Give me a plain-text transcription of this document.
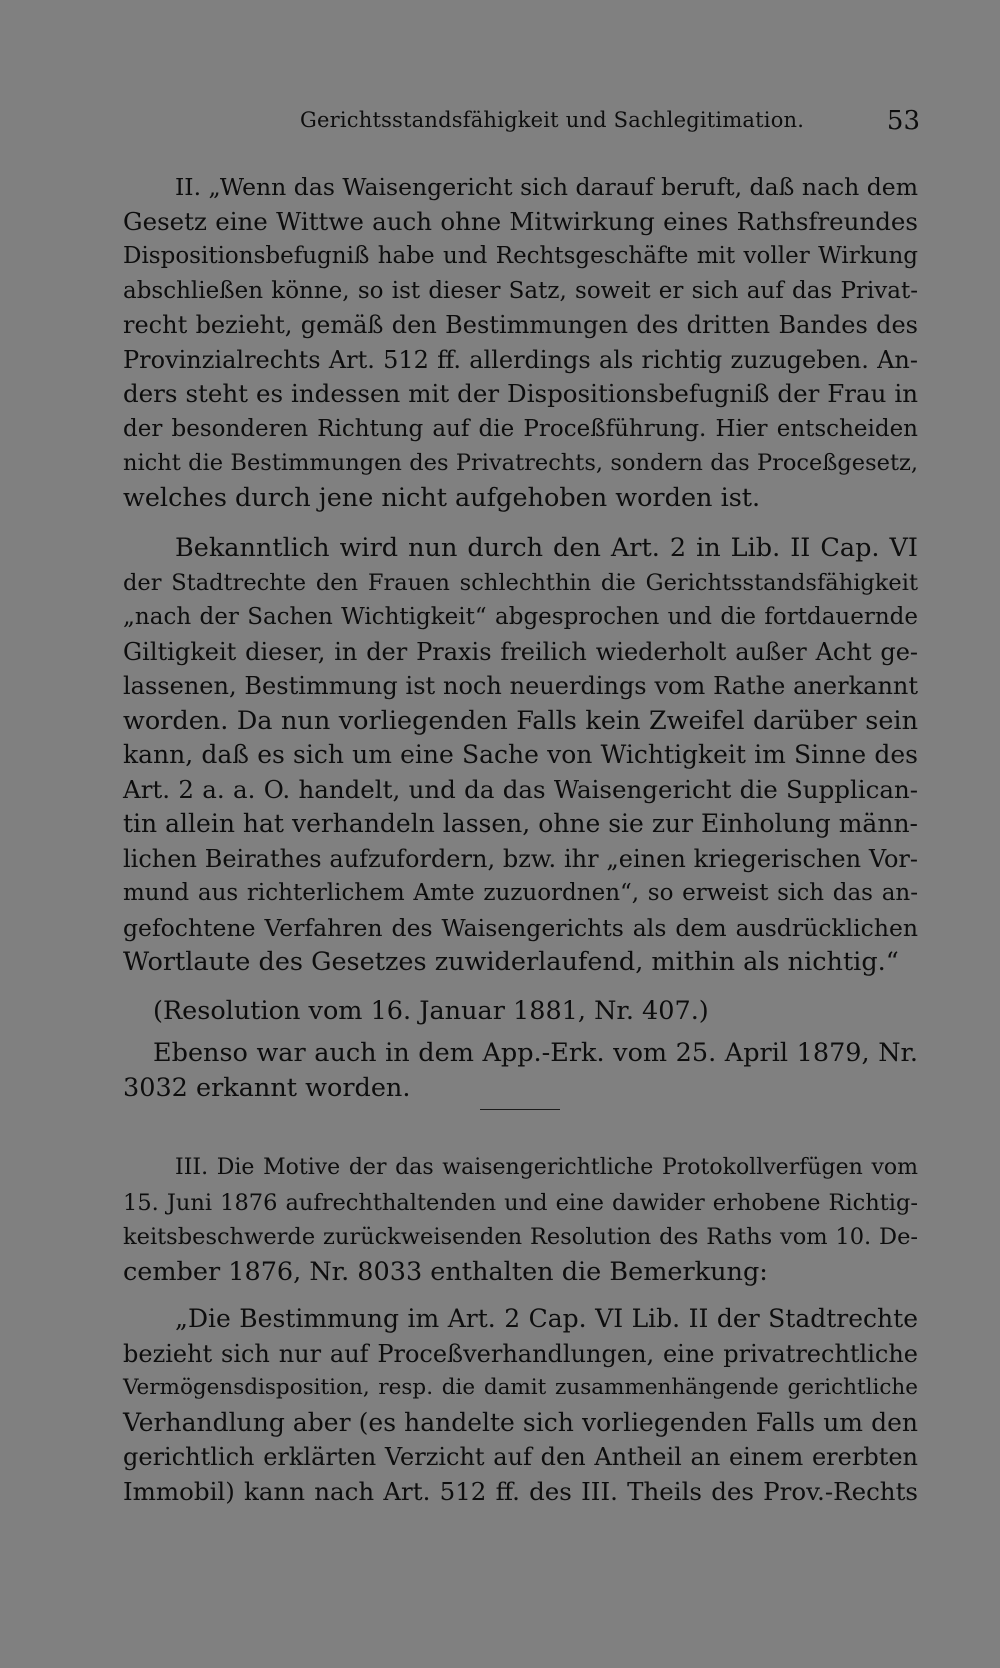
Gerichtsstandsfähigkeit und Sachlegitimation.	53
II. „Wenn das Waisengericht sich darauf beruft, daß nach dem
Gesetz eine Wittwe auch ohne Mitwirkung eines Rathsfreundes
Dispositionsbefugniß habe und Rechtsgeschäfte mit voller Wirkung
abschließen könne, so ist dieser Satz, soweit er sich auf das Privat-
recht bezieht, gemäß den Bestimmungen des dritten Bandes des
Provinzialrechts Art. 512 ff. allerdings als richtig zuzugeben. An-
ders steht es indessen mit der Dispositionsbefugniß der Frau in
der besonderen Richtung auf die Proceßführung. Hier entscheiden
nicht die Bestimmungen des Privatrechts, sondern das Proceßgesetz,
welches durch jene nicht aufgehoben worden ist.
Bekanntlich wird nun durch den Art. 2 in Lib. II Cap. VI
der Stadtrechte den Frauen schlechthin die Gerichtsstandsfähigkeit
„nach der Sachen Wichtigkeit“ abgesprochen und die fortdauernde
Giltigkeit dieser, in der Praxis freilich wiederholt außer Acht ge-
lassenen, Bestimmung ist noch neuerdings vom Rathe anerkannt
worden. Da nun vorliegenden Falls kein Zweifel darüber sein
kann, daß es sich um eine Sache von Wichtigkeit im Sinne des
Art. 2 a. a. O. handelt, und da das Waisengericht die Supplican-
tin allein hat verhandeln lassen, ohne sie zur Einholung männ-
lichen Beirathes aufzufordern, bzw. ihr „einen kriegerischen Vor-
mund aus richterlichem Amte zuzuordnen“, so erweist sich das an-
gefochtene Verfahren des Waisengerichts als dem ausdrücklichen
Wortlaute des Gesetzes zuwiderlaufend, mithin als nichtig.“
(Resolution vom 16. Januar 1881, Nr. 407.)
Ebenso war auch in dem App.-Erk. vom 25. April 1879, Nr.
3032 erkannt worden.
III. Die Motive der das waisengerichtliche Protokollverfügen vom
15. Juni 1876 aufrechthaltenden und eine dawider erhobene Richtig-
keitsbeschwerde zurückweisenden Resolution des Raths vom 10. De-
cember 1876, Nr. 8033 enthalten die Bemerkung:
„Die Bestimmung im Art. 2 Cap. VI Lib. II der Stadtrechte
bezieht sich nur auf Proceßverhandlungen, eine privatrechtliche
Vermögensdisposition, resp. die damit zusammenhängende gerichtliche
Verhandlung aber (es handelte sich vorliegenden Falls um den
gerichtlich erklärten Verzicht auf den Antheil an einem ererbten
Immobil) kann nach Art. 512 ff. des III. Theils des Prov.-Rechts
